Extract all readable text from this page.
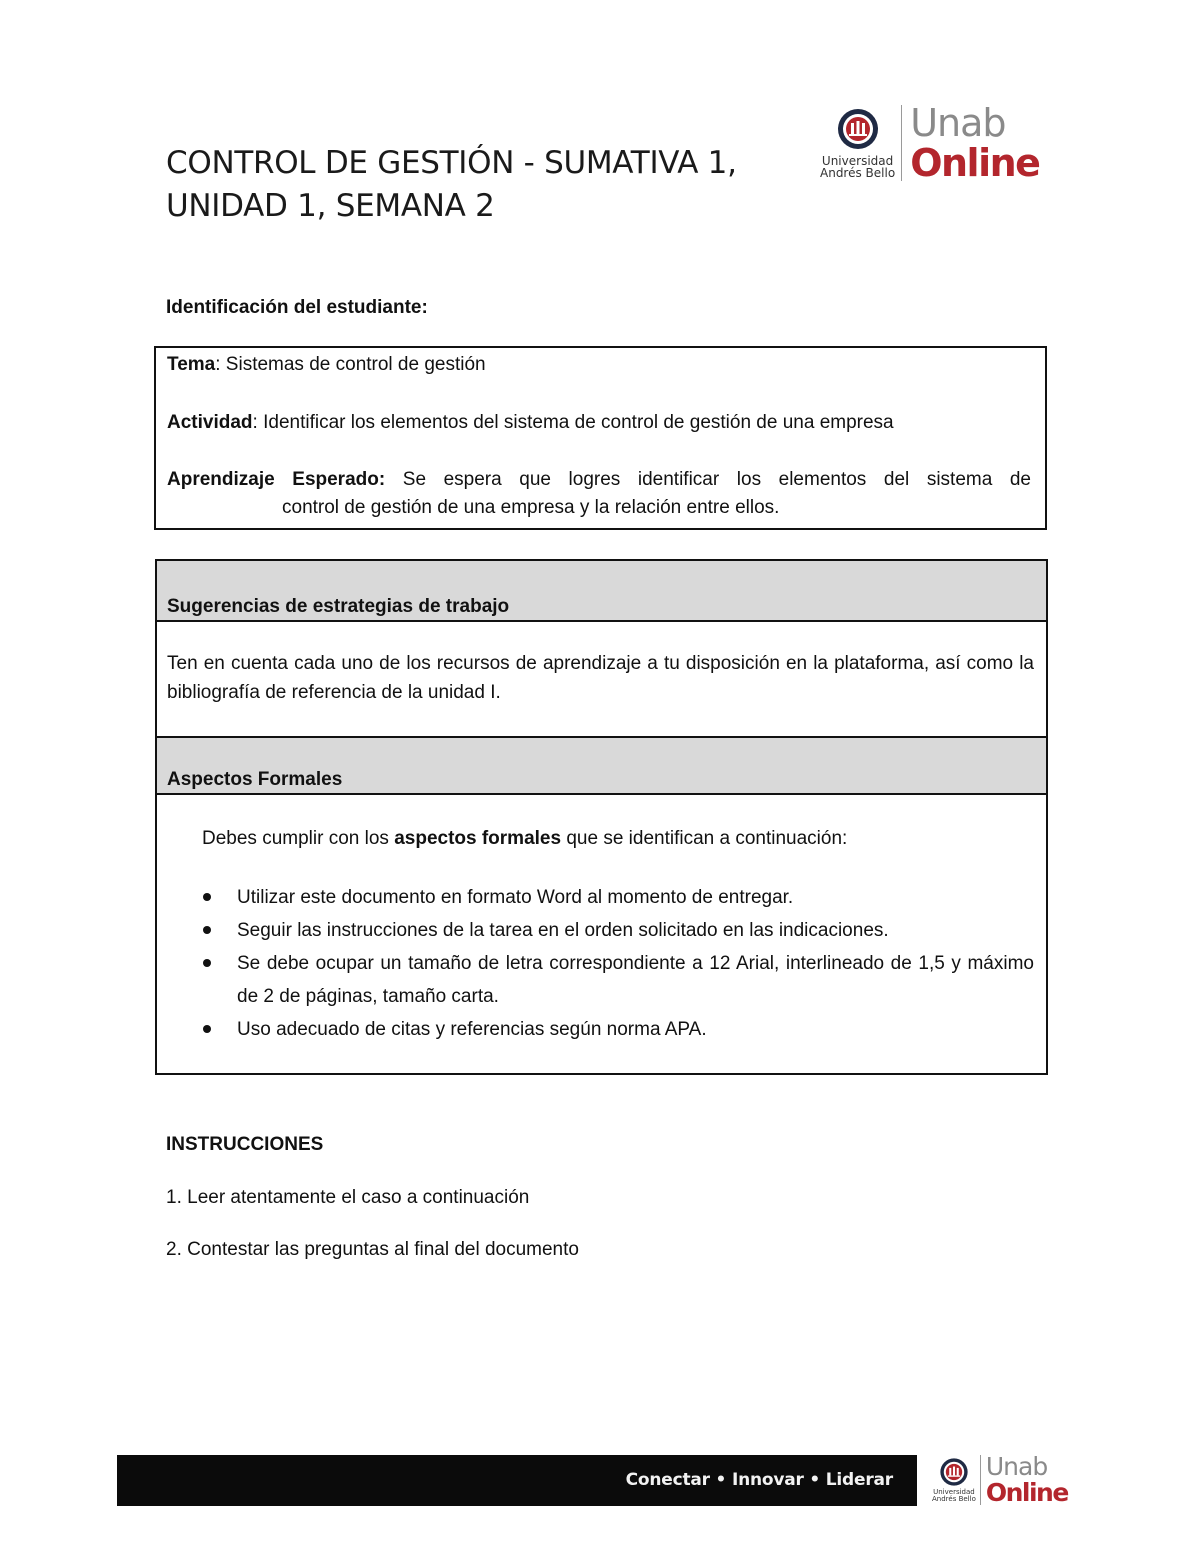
CONTROL DE GESTIÓN - SUMATIVA 1,
UNIDAD 1, SEMANA 2
Universidad
Andrés Bello
Unab
Online
Identificación del estudiante:
Tema: Sistemas de control de gestión
Actividad: Identificar los elementos del sistema de control de gestión de una empresa
Aprendizaje Esperado: Se espera que logres identificar los elementos del sistema de
control de gestión de una empresa y la relación entre ellos.
Sugerencias de estrategias de trabajo
Ten en cuenta cada uno de los recursos de aprendizaje a tu disposición en la plataforma, así como la bibliografía de referencia de la unidad I.
Aspectos Formales
Debes cumplir con los aspectos formales que se identifican a continuación:
Utilizar este documento en formato Word al momento de entregar.
Seguir las instrucciones de la tarea en el orden solicitado en las indicaciones.
Se debe ocupar un tamaño de letra correspondiente a 12 Arial, interlineado de 1,5 y máximo de 2 de páginas, tamaño carta.
Uso adecuado de citas y referencias según norma APA.
INSTRUCCIONES
1. Leer atentamente el caso a continuación
2. Contestar las preguntas al final del documento
Conectar • Innovar • Liderar
Universidad
Andrés Bello
Unab
Online
